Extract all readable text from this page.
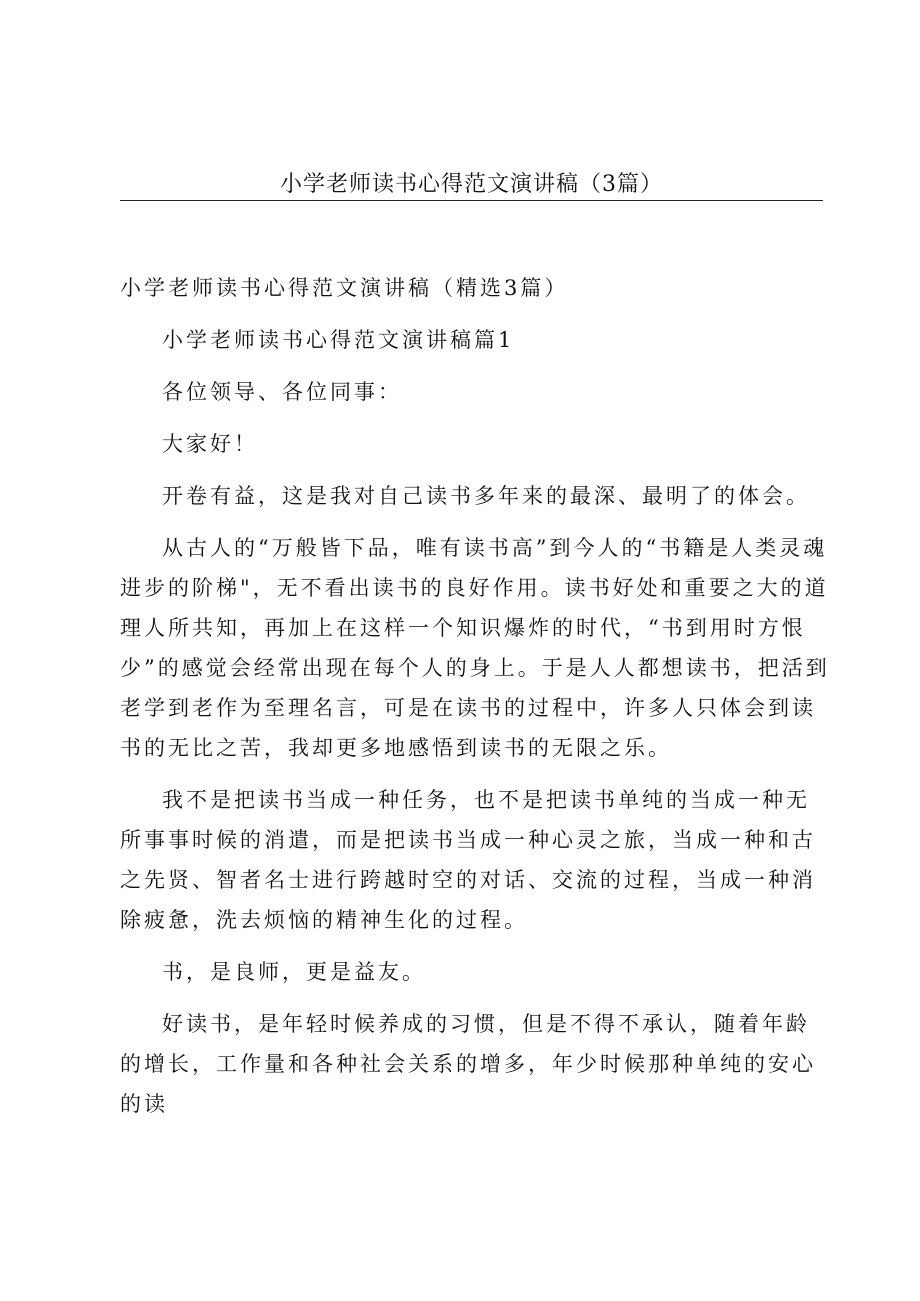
小学老师读书心得范文演讲稿（3篇）

小学老师读书心得范文演讲稿（精选3篇）

小学老师读书心得范文演讲稿篇1

各位领导、各位同事：

大家好！

开卷有益，这是我对自己读书多年来的最深、最明了的体会。

从古人的“万般皆下品，唯有读书高”到今人的“书籍是人类灵魂进步的阶梯"，无不看出读书的良好作用。读书好处和重要之大的道理人所共知，再加上在这样一个知识爆炸的时代，“书到用时方恨少”的感觉会经常出现在每个人的身上。于是人人都想读书，把活到老学到老作为至理名言，可是在读书的过程中，许多人只体会到读书的无比之苦，我却更多地感悟到读书的无限之乐。

我不是把读书当成一种任务，也不是把读书单纯的当成一种无所事事时候的消遣，而是把读书当成一种心灵之旅，当成一种和古之先贤、智者名士进行跨越时空的对话、交流的过程，当成一种消除疲惫，洗去烦恼的精神生化的过程。

书，是良师，更是益友。

好读书，是年轻时候养成的习惯，但是不得不承认，随着年龄的增长，工作量和各种社会关系的增多，年少时候那种单纯的安心的读
